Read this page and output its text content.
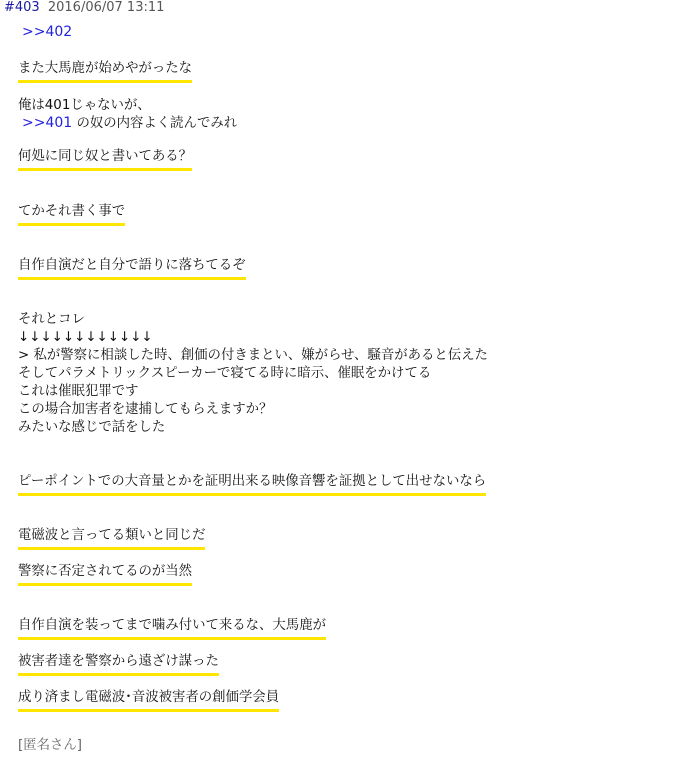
#403 2016/06/07 13:11
>>402
また大馬鹿が始めやがったな
俺は401じゃないが、
>>401 の奴の内容よく読んでみれ
何処に同じ奴と書いてある？
てかそれ書く事で
自作自演だと自分で語りに落ちてるぞ
それとコレ
↓↓↓↓↓↓↓↓↓↓↓↓
> 私が警察に相談した時、創価の付きまとい、嫌がらせ、騒音があると伝えた
そしてパラメトリックスピーカーで寝てる時に暗示、催眠をかけてる
これは催眠犯罪です
この場合加害者を逮捕してもらえますか？
みたいな感じで話をした
ピーポイントでの大音量とかを証明出来る映像音響を証拠として出せないなら
電磁波と言ってる類いと同じだ
警察に否定されてるのが当然
自作自演を装ってまで噛み付いて来るな、大馬鹿が
被害者達を警察から遠ざけ謀った
成り済まし電磁波･音波被害者の創価学会員
[匿名さん]
